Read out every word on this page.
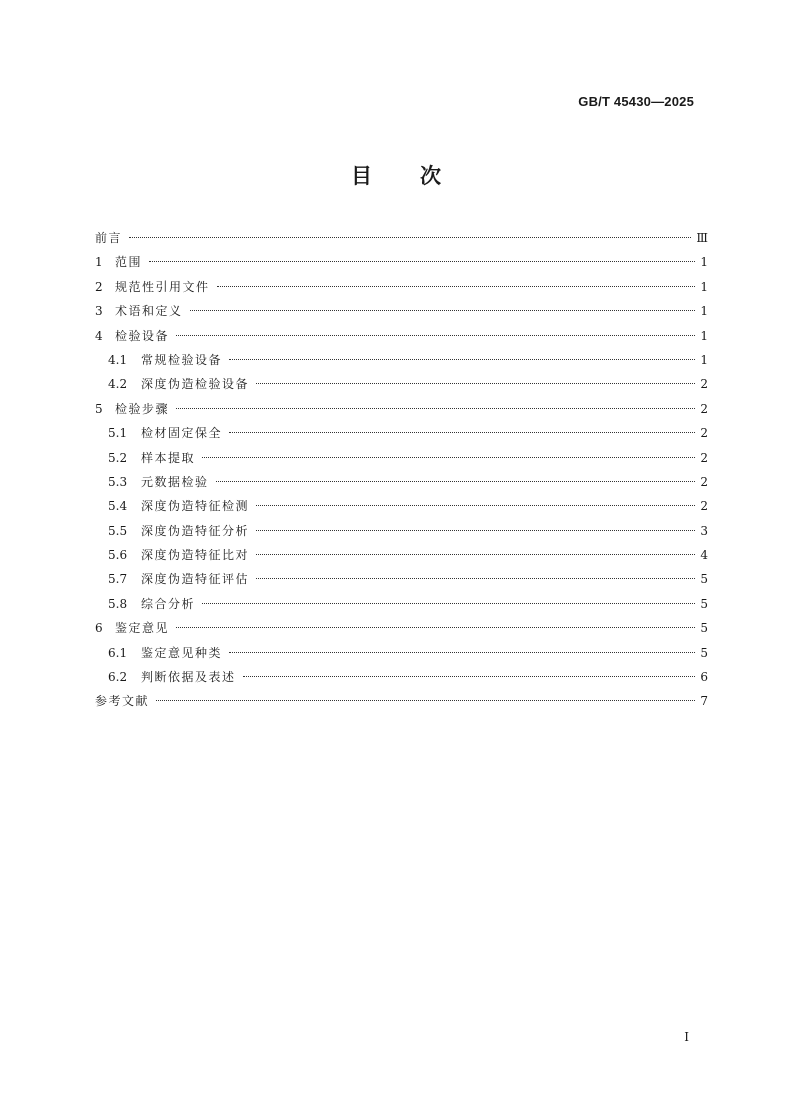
GB/T 45430—2025
目次
前言	Ⅲ
1	范围	1
2	规范性引用文件	1
3	术语和定义	1
4	检验设备	1
4.1	常规检验设备	1
4.2	深度伪造检验设备	2
5	检验步骤	2
5.1	检材固定保全	2
5.2	样本提取	2
5.3	元数据检验	2
5.4	深度伪造特征检测	2
5.5	深度伪造特征分析	3
5.6	深度伪造特征比对	4
5.7	深度伪造特征评估	5
5.8	综合分析	5
6	鉴定意见	5
6.1	鉴定意见种类	5
6.2	判断依据及表述	6
参考文献	7
I
